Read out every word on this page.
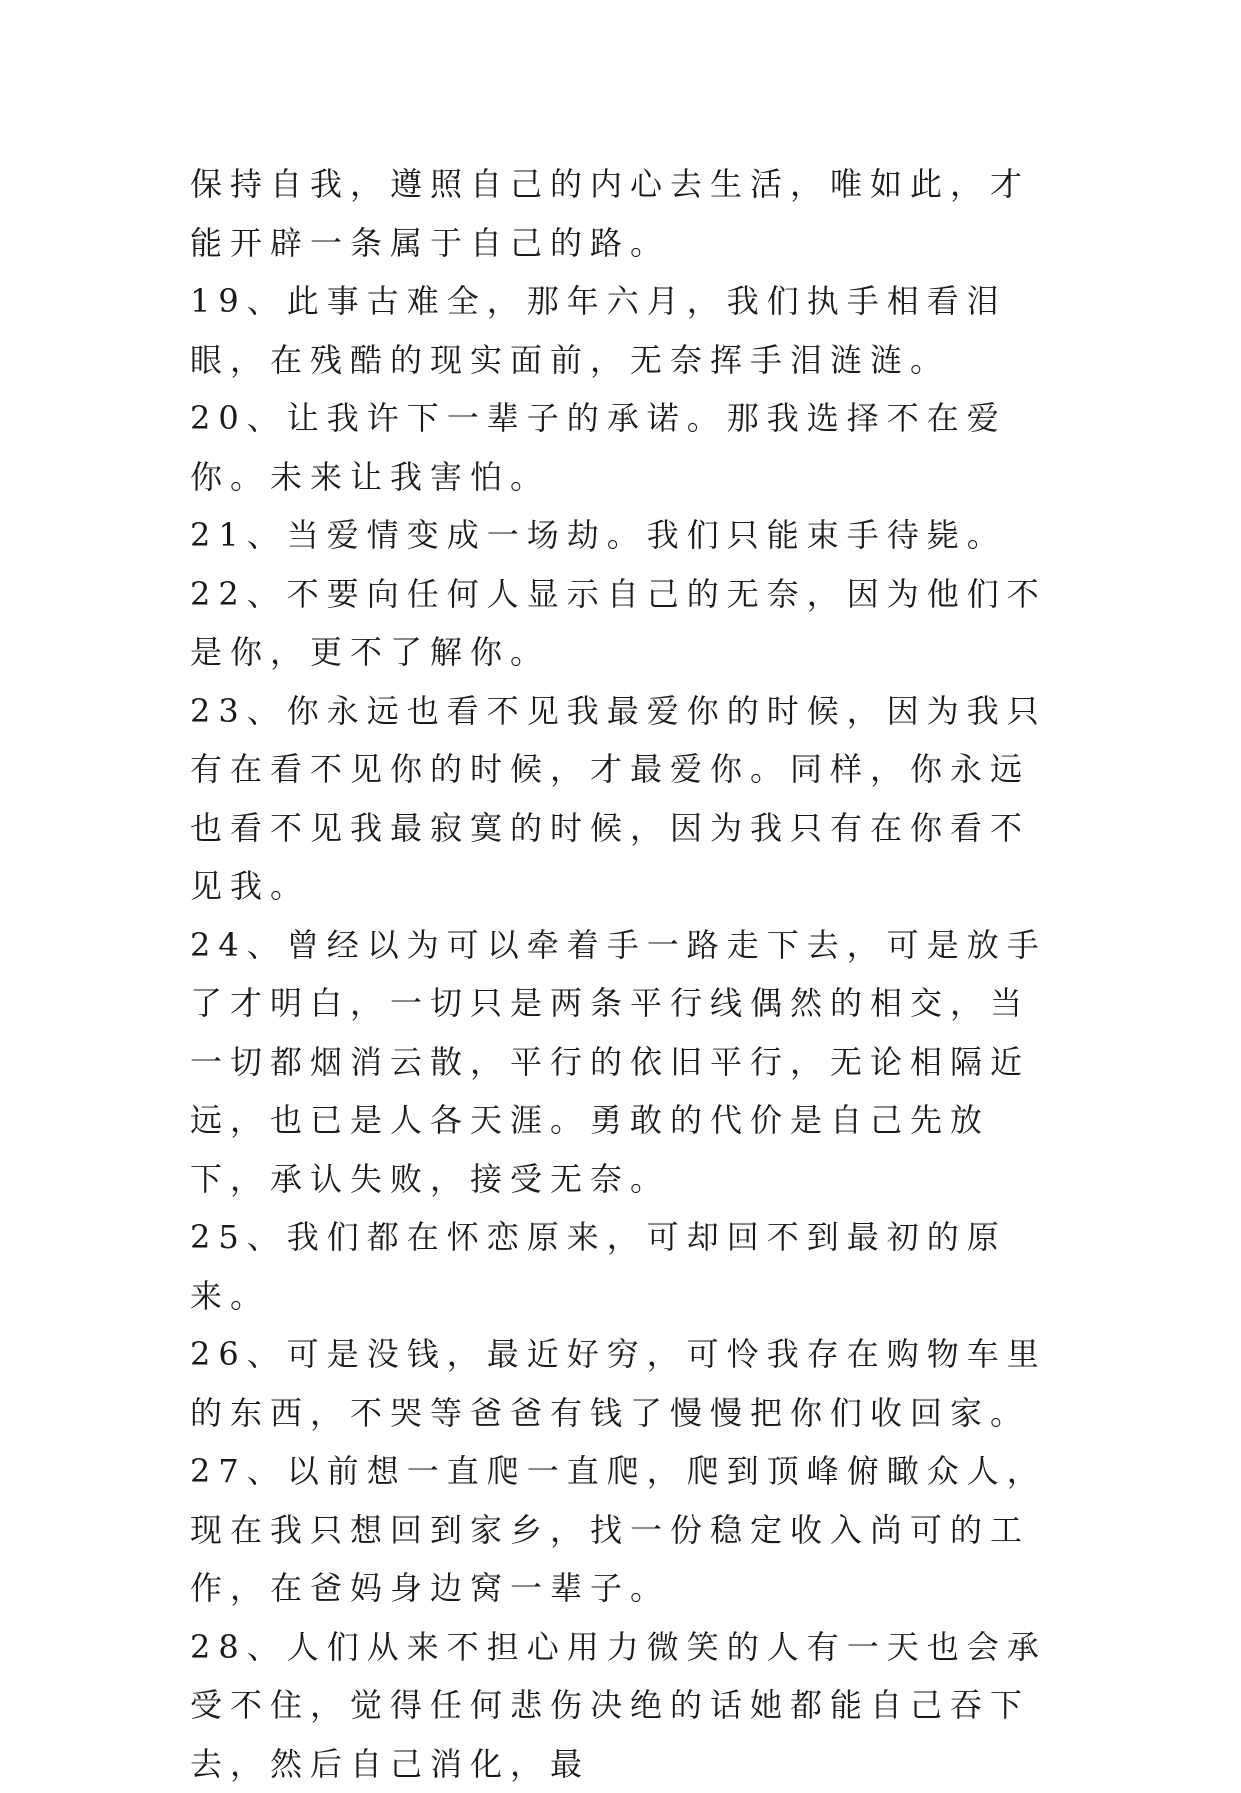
保持自我，遵照自己的内心去生活，唯如此，才能开辟一条属于自己的路。

19、此事古难全，那年六月，我们执手相看泪眼，在残酷的现实面前，无奈挥手泪涟涟。

20、让我许下一辈子的承诺。那我选择不在爱你。未来让我害怕。

21、当爱情变成一场劫。我们只能束手待毙。

22、不要向任何人显示自己的无奈，因为他们不是你，更不了解你。

23、你永远也看不见我最爱你的时候，因为我只有在看不见你的时候，才最爱你。同样，你永远也看不见我最寂寞的时候，因为我只有在你看不见我。

24、曾经以为可以牵着手一路走下去，可是放手了才明白，一切只是两条平行线偶然的相交，当一切都烟消云散，平行的依旧平行，无论相隔近远，也已是人各天涯。勇敢的代价是自己先放下，承认失败，接受无奈。

25、我们都在怀恋原来，可却回不到最初的原来。

26、可是没钱，最近好穷，可怜我存在购物车里的东西，不哭等爸爸有钱了慢慢把你们收回家。

27、以前想一直爬一直爬，爬到顶峰俯瞰众人，现在我只想回到家乡，找一份稳定收入尚可的工作，在爸妈身边窝一辈子。

28、人们从来不担心用力微笑的人有一天也会承受不住，觉得任何悲伤决绝的话她都能自己吞下去，然后自己消化，最
